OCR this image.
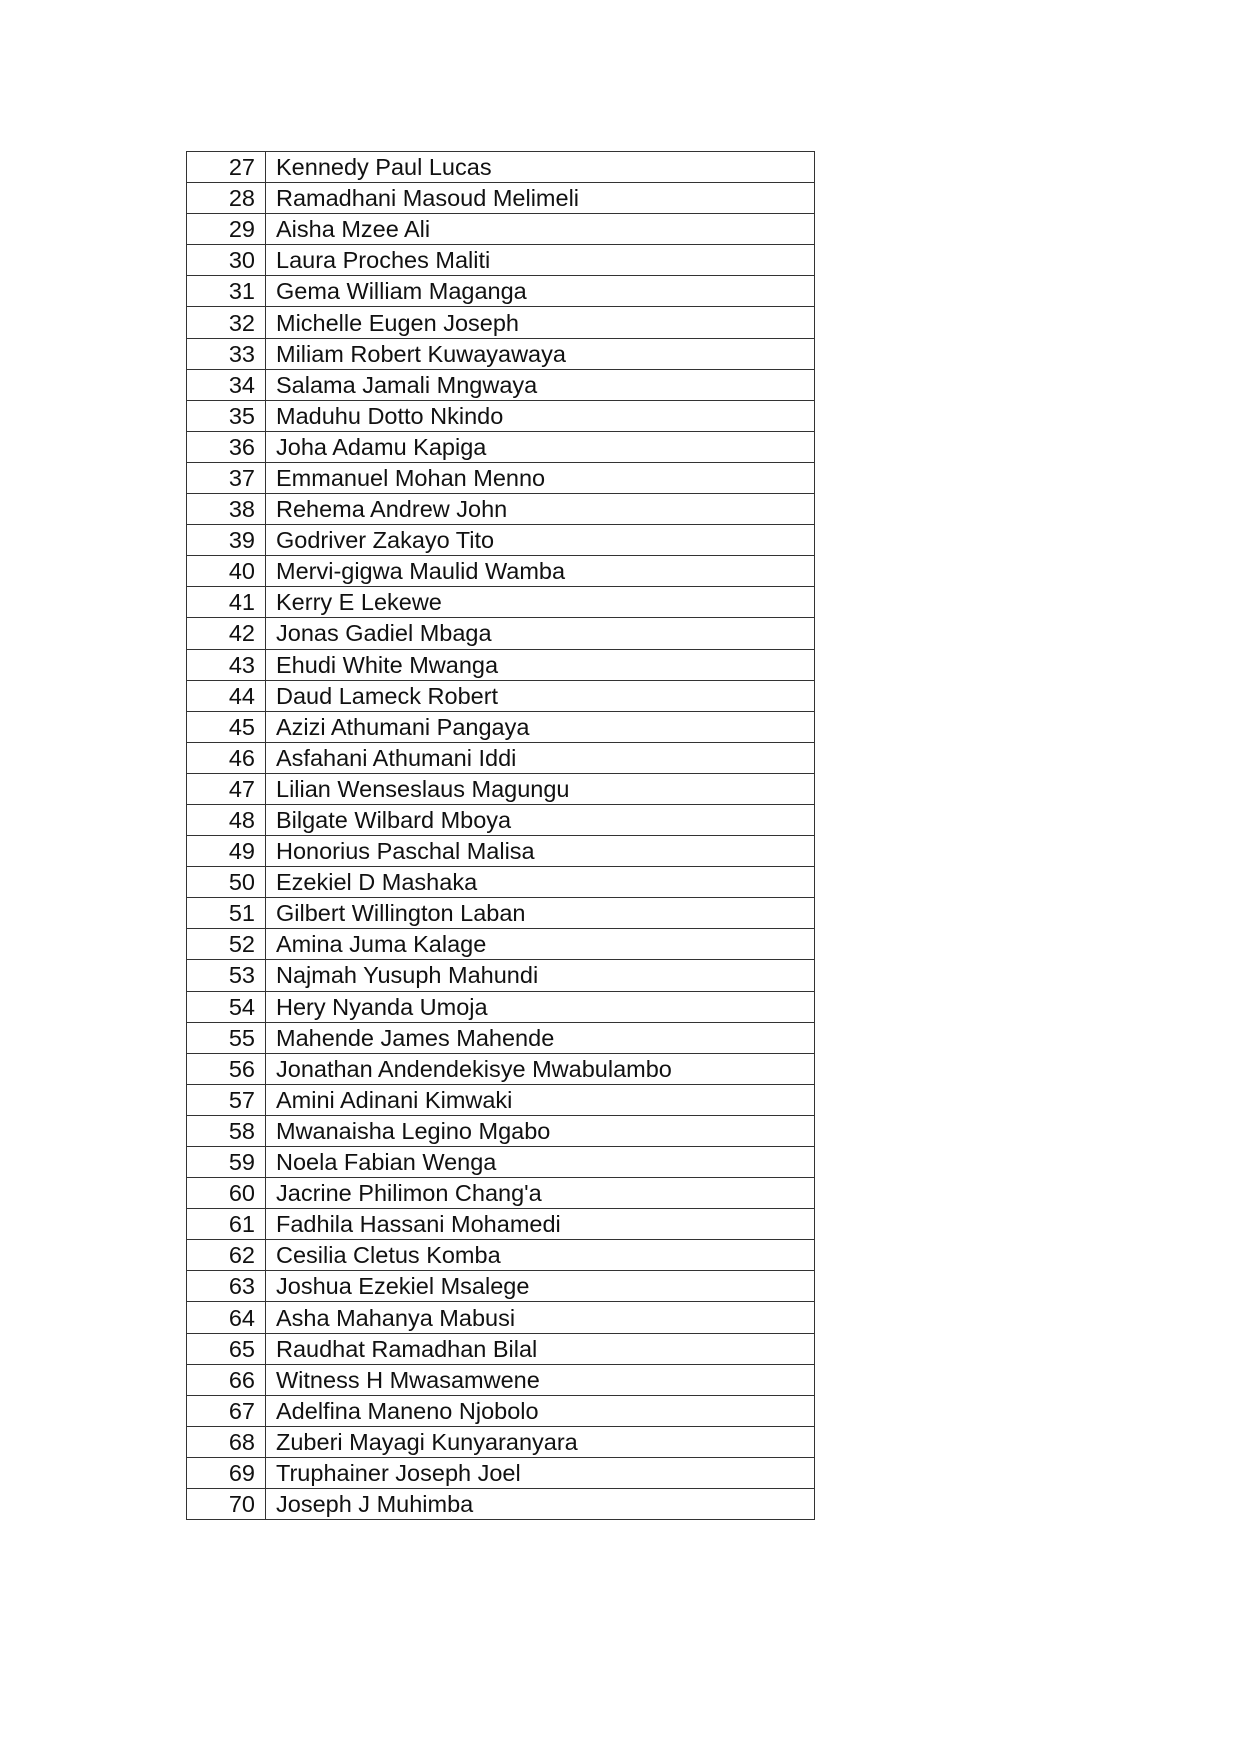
27	Kennedy Paul Lucas
28	Ramadhani Masoud Melimeli
29	Aisha Mzee Ali
30	Laura Proches Maliti
31	Gema William Maganga
32	Michelle Eugen Joseph
33	Miliam Robert Kuwayawaya
34	Salama Jamali Mngwaya
35	Maduhu Dotto Nkindo
36	Joha Adamu Kapiga
37	Emmanuel Mohan Menno
38	Rehema Andrew John
39	Godriver Zakayo Tito
40	Mervi-gigwa Maulid Wamba
41	Kerry E Lekewe
42	Jonas Gadiel Mbaga
43	Ehudi White Mwanga
44	Daud Lameck Robert
45	Azizi Athumani Pangaya
46	Asfahani Athumani Iddi
47	Lilian Wenseslaus Magungu
48	Bilgate Wilbard Mboya
49	Honorius Paschal Malisa
50	Ezekiel D Mashaka
51	Gilbert Willington Laban
52	Amina Juma Kalage
53	Najmah Yusuph Mahundi
54	Hery Nyanda Umoja
55	Mahende James Mahende
56	Jonathan Andendekisye Mwabulambo
57	Amini Adinani Kimwaki
58	Mwanaisha Legino Mgabo
59	Noela Fabian Wenga
60	Jacrine Philimon Chang'a
61	Fadhila Hassani Mohamedi
62	Cesilia Cletus Komba
63	Joshua Ezekiel Msalege
64	Asha Mahanya Mabusi
65	Raudhat Ramadhan Bilal
66	Witness H Mwasamwene
67	Adelfina Maneno Njobolo
68	Zuberi Mayagi Kunyaranyara
69	Truphainer Joseph Joel
70	Joseph J Muhimba
